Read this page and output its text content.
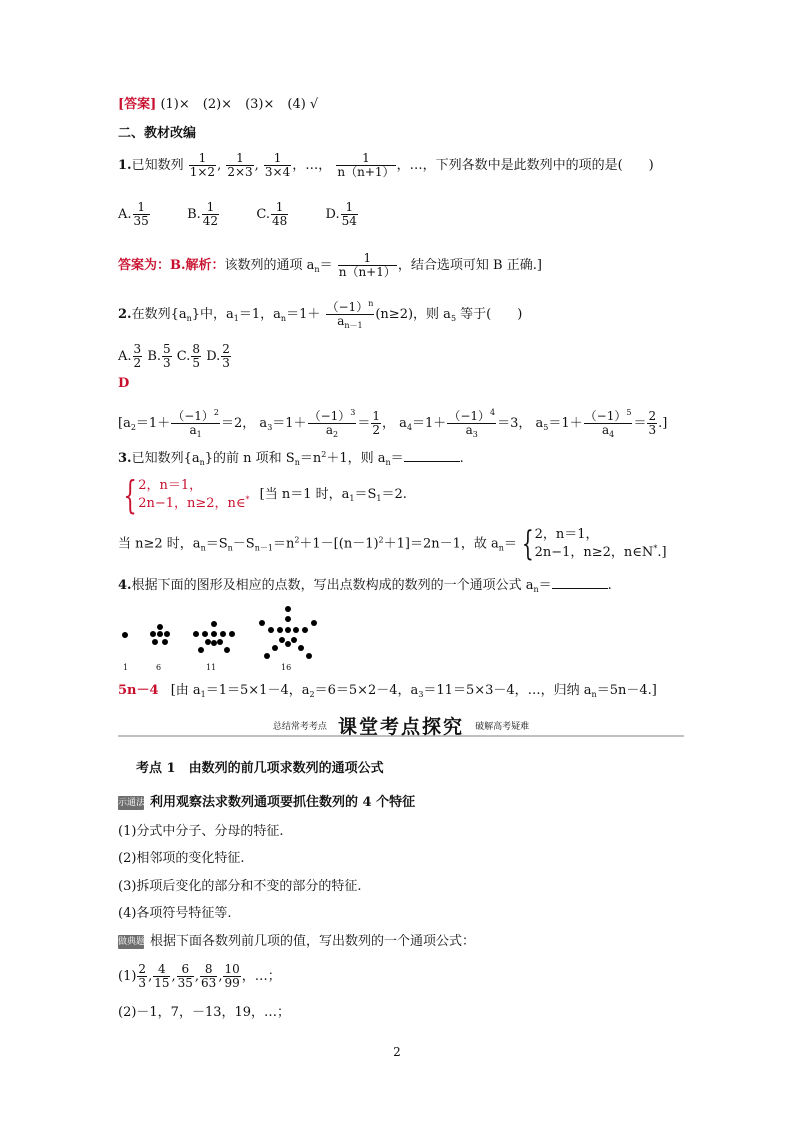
[答案] (1)×　(2)×　(3)×　(4) √
二、教材改编
1.已知数列 $\frac{1}{1\times 2}$ , $\frac{1}{2\times 3}$ , $\frac{1}{3\times 4}$ ，…， $\frac{1}{n(n+1)}$ ，…，下列各数中是此数列中的项的是(　　)
A. $\frac{1}{35}$	B. $\frac{1}{42}$	C. $\frac{1}{48}$	D. $\frac{1}{54}$
答案为：B.解析：该数列的通项 $a_n= \frac{1}{n(n+1)}$ ，结合选项可知 B 正确.]
2.在数列$\{a_n\}$中，$a_1=1$，$a_n=1+ \frac{(-1)^n}{a_{n-1}} (n\ge 2)$，则 $a_5$ 等于(　　)
A. $\frac{3}{2} B$. $\frac{5}{3} C$. $\frac{8}{5} D$. $\frac{2}{3}$
D
[$a_2=1+ \frac{(-1)^2}{a_1} =2$， $a_3=1+ \frac{(-1)^3}{a_2} = \frac{1}{2}$ ， $a_4=1+ \frac{(-1)^4}{a_3} =3$， $a_5=1+ \frac{(-1)^5}{a_4} = \frac{2}{3}$ .]
3.已知数列$\{a_n\}$的前 n 项和 $S_n=n^2+1$，则 $a_n=$	.
{ 2，n＝1，
2n−1，n≥2，n∈* [当 n＝1 时，$a_1=S_1=2$.
当 n≥2 时，$a_n=S_n-S_{n-1}=n^2+1-[(n-1)^2+1]=2n-1$，故 $a_n=$ { 2，n＝1，
2n−1，n≥2，n∈N*.]
4.根据下面的图形及相应的点数，写出点数构成的数列的一个通项公式 $a_n=$	.
1	6	11	16
5n－4 [由 $a_1=1=5\times 1-4$，$a_2=6=5\times 2-4$，$a_3=11=5\times 3-4$，…，归纳 $a_n=5n-4$.]
总结常考考点 课堂考点探究 破解高考疑难
考点 1　由数列的前几项求数列的通项公式
示通法 利用观察法求数列通项要抓住数列的 4 个特征
(1)分式中分子、分母的特征.
(2)相邻项的变化特征.
(3)拆项后变化的部分和不变的部分的特征.
(4)各项符号特征等.
做典题 根据下面各数列前几项的值，写出数列的一个通项公式：
$(1) \frac{2}{3}$ , $\frac{4}{15}$ , $\frac{6}{35}$ , $\frac{8}{63}$ , $\frac{10}{99}$ ，…；
(2)－1，7，－13，19，…；
2
